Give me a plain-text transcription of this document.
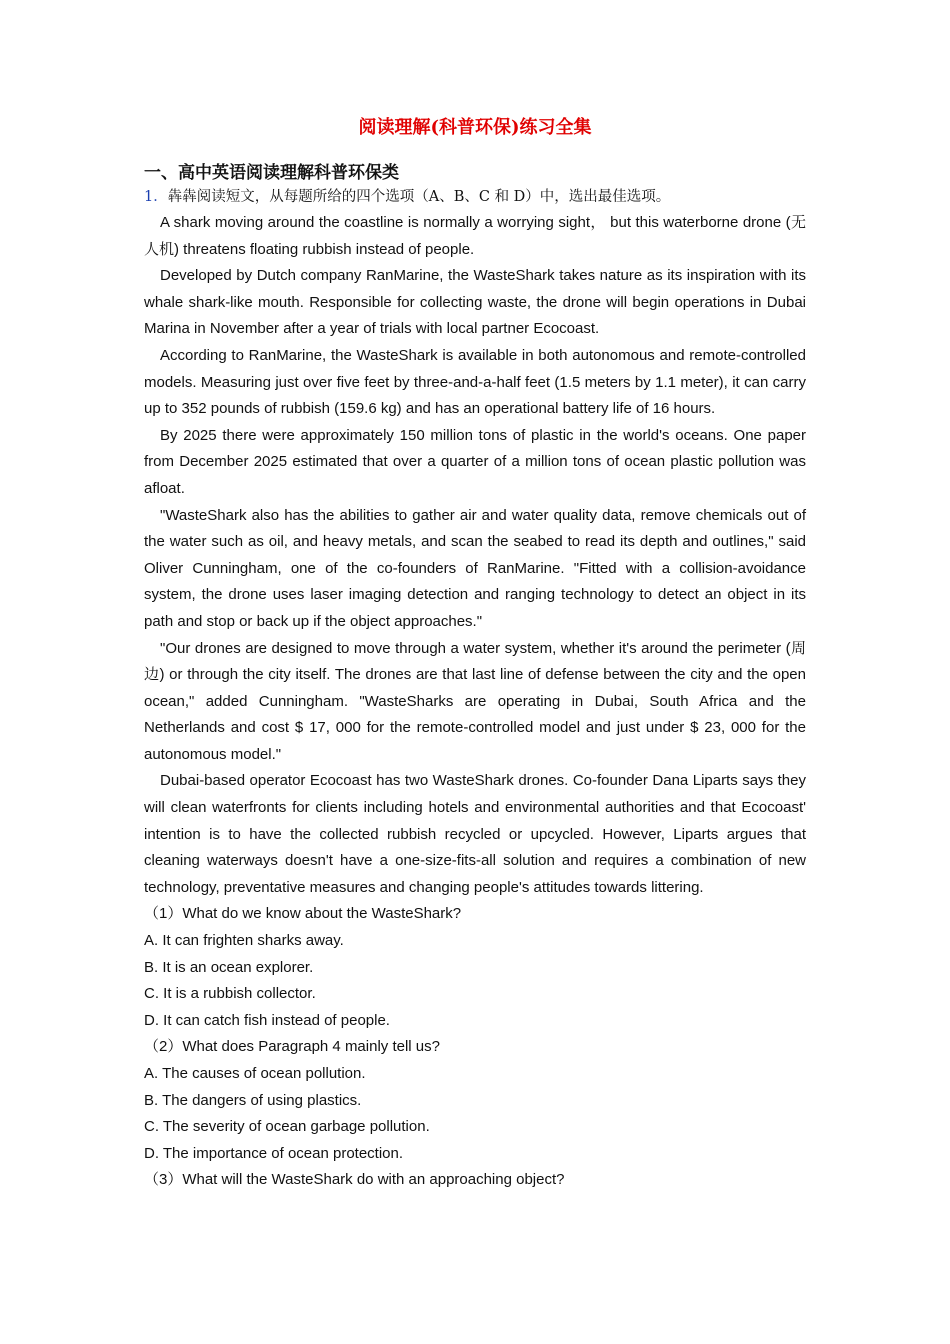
阅读理解(科普环保)练习全集
一、高中英语阅读理解科普环保类

1．犇犇阅读短文，从每题所给的四个选项（A、B、C 和 D）中，选出最佳选项。

A shark moving around the coastline is normally a worrying sight， but this waterborne drone (无人机) threatens floating rubbish instead of people.

Developed by Dutch company RanMarine, the WasteShark takes nature as its inspiration with its whale shark-like mouth. Responsible for collecting waste, the drone will begin operations in Dubai Marina in November after a year of trials with local partner Ecocoast.

According to RanMarine, the WasteShark is available in both autonomous and remote-controlled models. Measuring just over five feet by three-and-a-half feet (1.5 meters by 1.1 meter), it can carry up to 352 pounds of rubbish (159.6 kg) and has an operational battery life of 16 hours.

By 2025 there were approximately 150 million tons of plastic in the world's oceans. One paper from December 2025 estimated that over a quarter of a million tons of ocean plastic pollution was afloat.

"WasteShark also has the abilities to gather air and water quality data, remove chemicals out of the water such as oil, and heavy metals, and scan the seabed to read its depth and outlines," said Oliver Cunningham, one of the co-founders of RanMarine. "Fitted with a collision-avoidance system, the drone uses laser imaging detection and ranging technology to detect an object in its path and stop or back up if the object approaches."

"Our drones are designed to move through a water system, whether it's around the perimeter (周边) or through the city itself. The drones are that last line of defense between the city and the open ocean," added Cunningham. "WasteSharks are operating in Dubai, South Africa and the Netherlands and cost $ 17, 000 for the remote-controlled model and just under $ 23, 000 for the autonomous model."

Dubai-based operator Ecocoast has two WasteShark drones. Co-founder Dana Liparts says they will clean waterfronts for clients including hotels and environmental authorities and that Ecocoast' intention is to have the collected rubbish recycled or upcycled. However, Liparts argues that cleaning waterways doesn't have a one-size-fits-all solution and requires a combination of new technology, preventative measures and changing people's attitudes towards littering.

（1）What do we know about the WasteShark?

A. It can frighten sharks away.

B. It is an ocean explorer.

C. It is a rubbish collector.

D. It can catch fish instead of people.

（2）What does Paragraph 4 mainly tell us?

A. The causes of ocean pollution.

B. The dangers of using plastics.

C. The severity of ocean garbage pollution.

D. The importance of ocean protection.

（3）What will the WasteShark do with an approaching object?
